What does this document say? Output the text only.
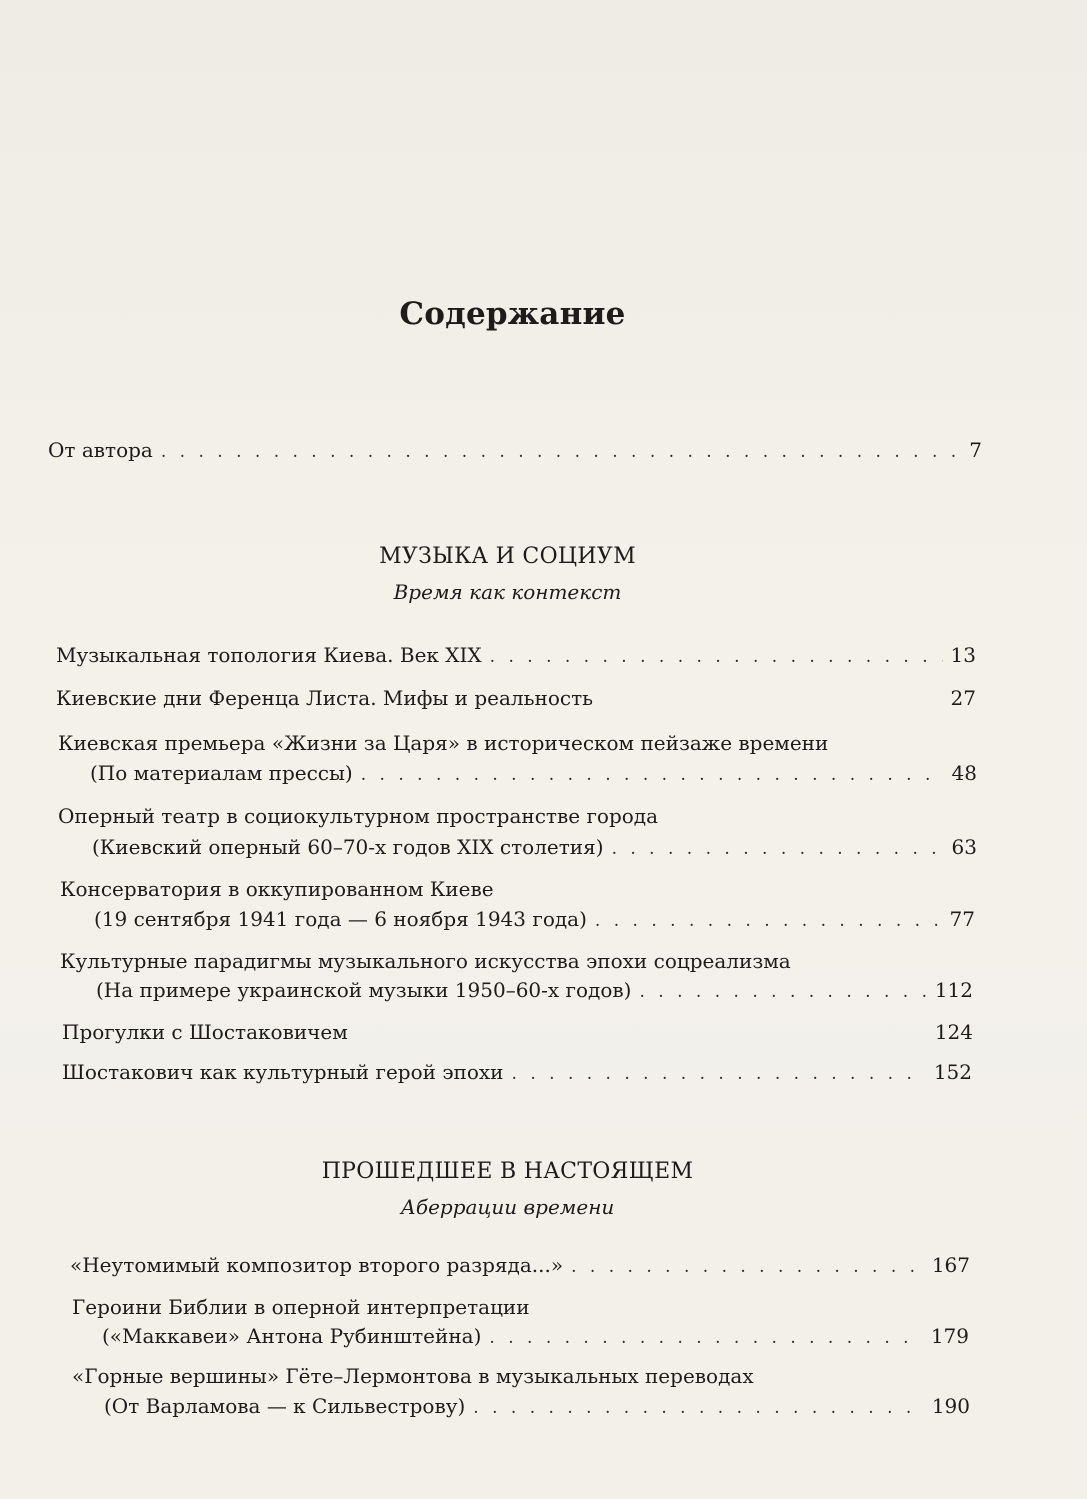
Содержание
От автора . . .	7
МУЗЫКА И СОЦИУМ
Время как контекст
Музыкальная топология Киева. Век XIX . . .	13
Киевские дни Ференца Листа. Мифы и реальность	27
Киевская премьера «Жизни за Царя» в историческом пейзаже времени
(По материалам прессы) . . .	48
Оперный театр в социокультурном пространстве города
(Киевский оперный 60–70-х годов XIX столетия) . . .	63
Консерватория в оккупированном Киеве
(19 сентября 1941 года — 6 ноября 1943 года) . . .	77
Культурные парадигмы музыкального искусства эпохи соцреализма
(На примере украинской музыки 1950–60-х годов) . . .	112
Прогулки с Шостаковичем	124
Шостакович как культурный герой эпохи . . .	152
ПРОШЕДШЕЕ В НАСТОЯЩЕМ
Аберрации времени
«Неутомимый композитор второго разряда...» . . .	167
Героини Библии в оперной интерпретации
(«Маккавеи» Антона Рубинштейна) . . .	179
«Горные вершины» Гёте–Лермонтова в музыкальных переводах
(От Варламова — к Сильвестрову) . . .	190
